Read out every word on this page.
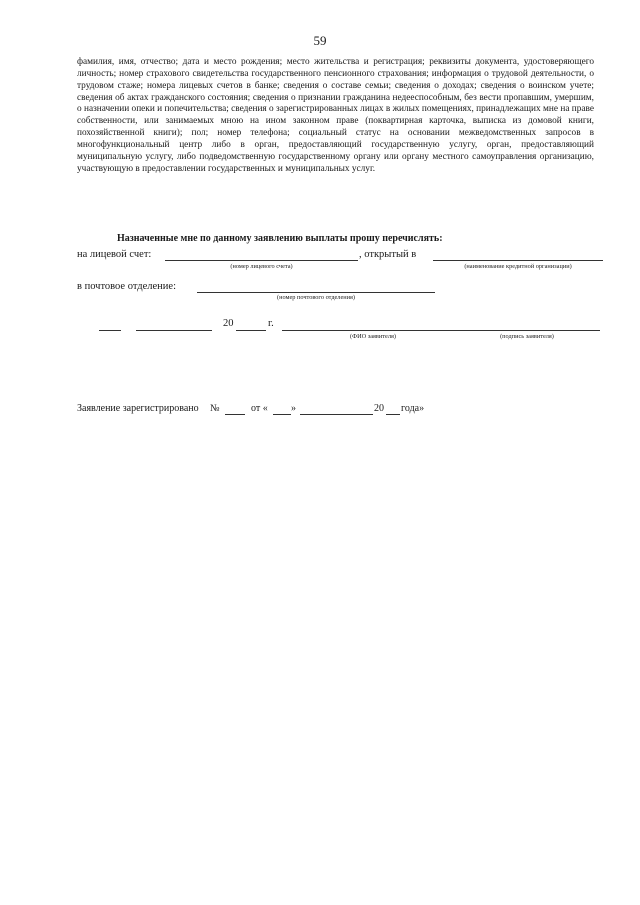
59

фамилия, имя, отчество; дата и место рождения; место жительства и регистрация; реквизиты документа, удостоверяющего личность; номер страхового свидетельства государственного пенсионного страхования; информация о трудовой деятельности, о трудовом стаже; номера лицевых счетов в банке; сведения о составе семьи; сведения о доходах; сведения о воинском учете; сведения об актах гражданского состояния; сведения о признании гражданина недееспособным, без вести пропавшим, умершим, о назначении опеки и попечительства; сведения о зарегистрированных лицах в жилых помещениях, принадлежащих мне на праве собственности, или занимаемых мною на ином законном праве (поквартирная карточка, выписка из домовой книги, похозяйственной книги); пол; номер телефона; социальный статус на основании межведомственных запросов в многофункциональный центр либо в орган, предоставляющий государственную услугу, орган, предоставляющий муниципальную услугу, либо подведомственную государственному органу или органу местного самоуправления организацию, участвующую в предоставлении государственных и муниципальных услуг.

Назначенные мне по данному заявлению выплаты прошу перечислять:
на лицевой счет:	, открытый в
(номер лицевого счета)	(наименование кредитной организации)
в почтовое отделение:
(номер почтового отделения)
20	г.
(ФИО заявителя)	(подпись заявителя)
Заявление зарегистрировано №	от « »	20 года»
